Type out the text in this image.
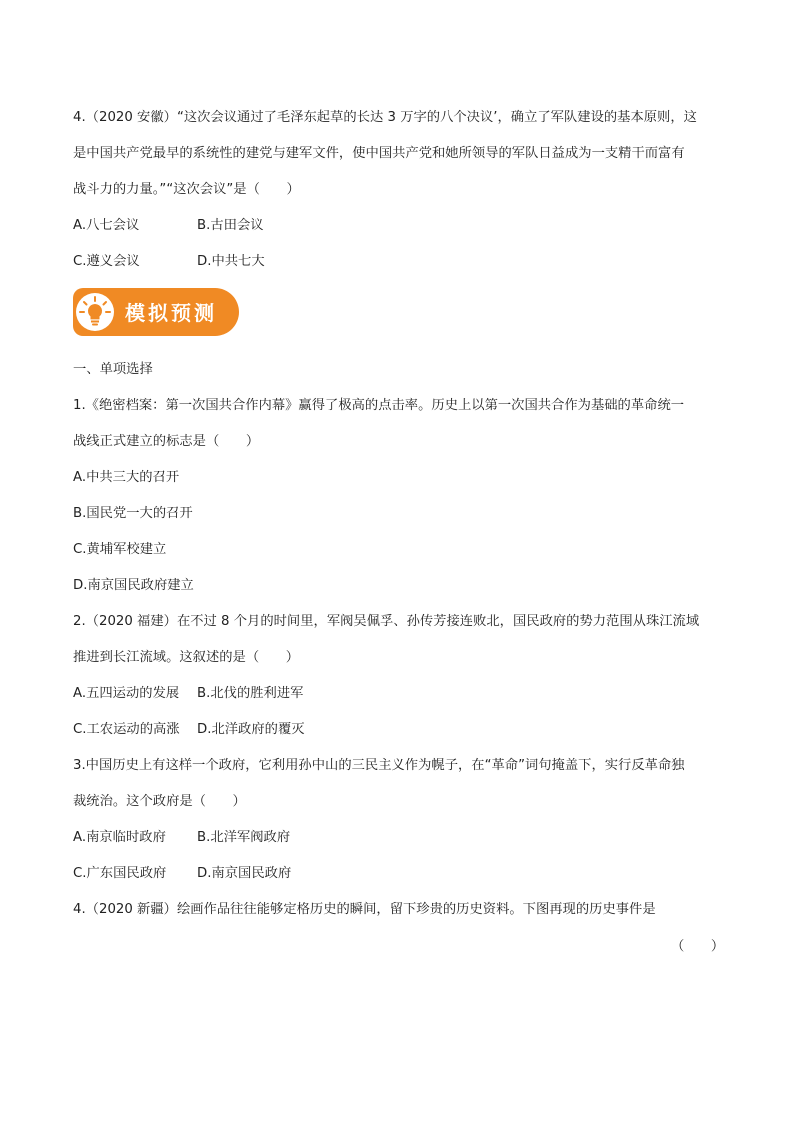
4.（2020 安徽）“这次会议通过了毛泽东起草的长达 3 万字的八个决议’，确立了军队建设的基本原则，这
是中国共产党最早的系统性的建党与建军文件，使中国共产党和她所领导的军队日益成为一支精干而富有
战斗力的力量。”“这次会议”是（　　）
A.八七会议	B.古田会议
C.遵义会议	D.中共七大
模拟预测
一、单项选择
1.《绝密档案：第一次国共合作内幕》赢得了极高的点击率。历史上以第一次国共合作为基础的革命统一
战线正式建立的标志是（　　）
A.中共三大的召开
B.国民党一大的召开
C.黄埔军校建立
D.南京国民政府建立
2.（2020 福建）在不过 8 个月的时间里，军阀吴佩孚、孙传芳接连败北，国民政府的势力范围从珠江流域
推进到长江流域。这叙述的是（　　）
A.五四运动的发展 B.北伐的胜利进军
C.工农运动的高涨 D.北洋政府的覆灭
3.中国历史上有这样一个政府，它利用孙中山的三民主义作为幌子，在“革命”词句掩盖下，实行反革命独
裁统治。这个政府是（　　）
A.南京临时政府 B.北洋军阀政府
C.广东国民政府 D.南京国民政府
4.（2020 新疆）绘画作品往往能够定格历史的瞬间，留下珍贵的历史资料。下图再现的历史事件是
（　　）
